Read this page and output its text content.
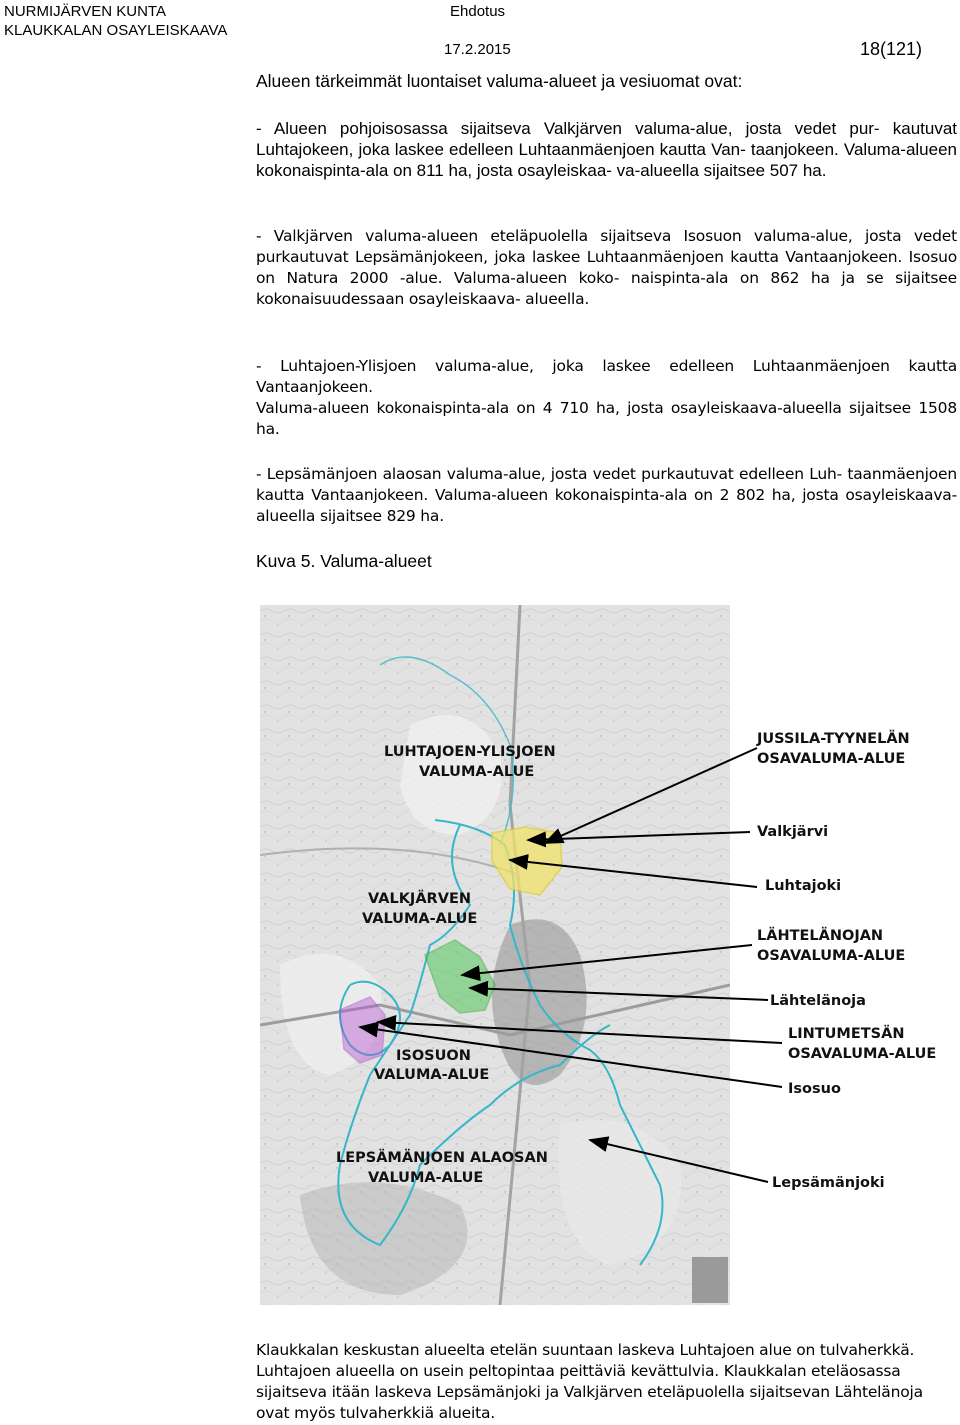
NURMIJÄRVEN KUNTA
KLAUKKALAN OSAYLEISKAAVA
Ehdotus
17.2.2015	18(121)
Alueen tärkeimmät luontaiset valuma-alueet ja vesiuomat ovat:

- Alueen pohjoisosassa sijaitseva Valkjärven valuma-alue, josta vedet pur- kautuvat Luhtajokeen, joka laskee edelleen Luhtaanmäenjoen kautta Van- taanjokeen. Valuma-alueen kokonaispinta-ala on 811 ha, josta osayleiskaa- va-alueella sijaitsee 507 ha.

- Valkjärven valuma-alueen eteläpuolella sijaitseva Isosuon valuma-alue, josta vedet purkautuvat Lepsämänjokeen, joka laskee Luhtaanmäenjoen kautta Vantaanjokeen. Isosuo on Natura 2000 -alue. Valuma-alueen koko- naispinta-ala on 862 ha ja se sijaitsee kokonaisuudessaan osayleiskaava- alueella.

- Luhtajoen-Ylisjoen valuma-alue, joka laskee edelleen Luhtaanmäenjoen kautta Vantaanjokeen.

Valuma-alueen kokonaispinta-ala on 4 710 ha, josta osayleiskaava-alueella sijaitsee 1508 ha.

- Lepsämänjoen alaosan valuma-alue, josta vedet purkautuvat edelleen Luh- taanmäenjoen kautta Vantaanjokeen. Valuma-alueen kokonaispinta-ala on 2 802 ha, josta osayleiskaava-alueella sijaitsee 829 ha.

Kuva 5. Valuma-alueet
LUHTAJOEN-YLISJOEN
VALUMA-ALUE
VALKJÄRVEN
VALUMA-ALUE
ISOSUON
VALUMA-ALUE
LEPSÄMÄNJOEN ALAOSAN
VALUMA-ALUE
JUSSILA-TYYNELÄN
OSAVALUMA-ALUE
Valkjärvi
Luhtajoki
LÄHTELÄNOJAN
OSAVALUMA-ALUE
Lähtelänoja
LINTUMETSÄN
OSAVALUMA-ALUE
Isosuo
Lepsämänjoki

Klaukkalan keskustan alueelta etelän suuntaan laskeva Luhtajoen alue on tulvaherkkä. Luhtajoen alueella on usein peltopintaa peittäviä kevättulvia. Klaukkalan eteläosassa sijaitseva itään laskeva Lepsämänjoki ja Valkjärven eteläpuolella sijaitsevan Lähtelänoja ovat myös tulvaherkkiä alueita.
